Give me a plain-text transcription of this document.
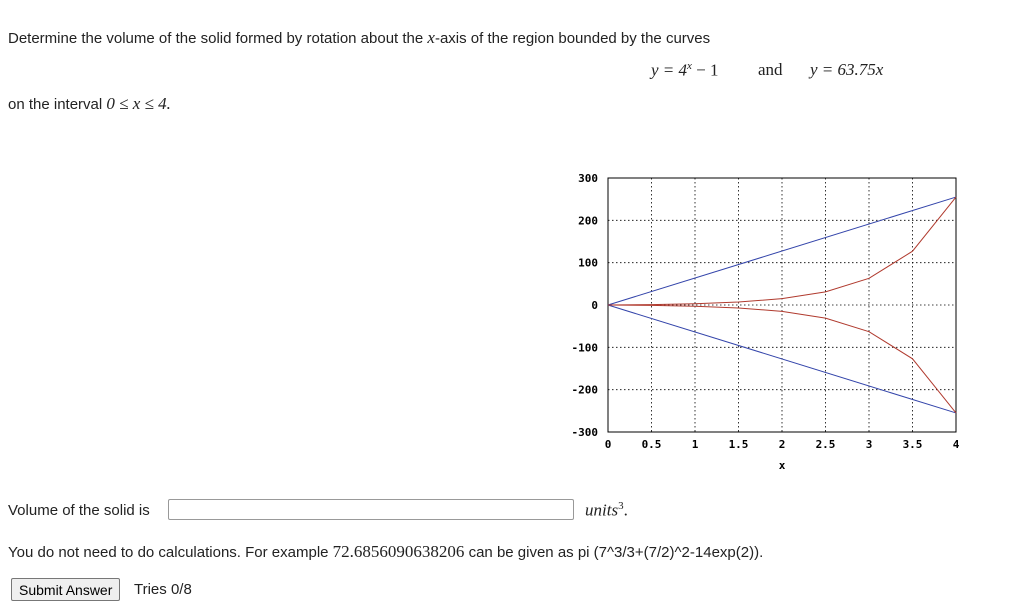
Determine the volume of the solid formed by rotation about the x-axis of the region bounded by the curves
$y = 4^x - 1$ and y = 63.75x
on the interval 0 ≤ x ≤ 4.
0	0.5	1	1.5	2	2.5	3	3.5	4
300
200
100
0
-100
-200
-300
x
Volume of the solid is	units$^3$.
You do not need to do calculations. For example 72.6856090638206 can be given as pi (7^3/3+(7/2)^2-14exp(2)).
Submit Answer	Tries 0/8
